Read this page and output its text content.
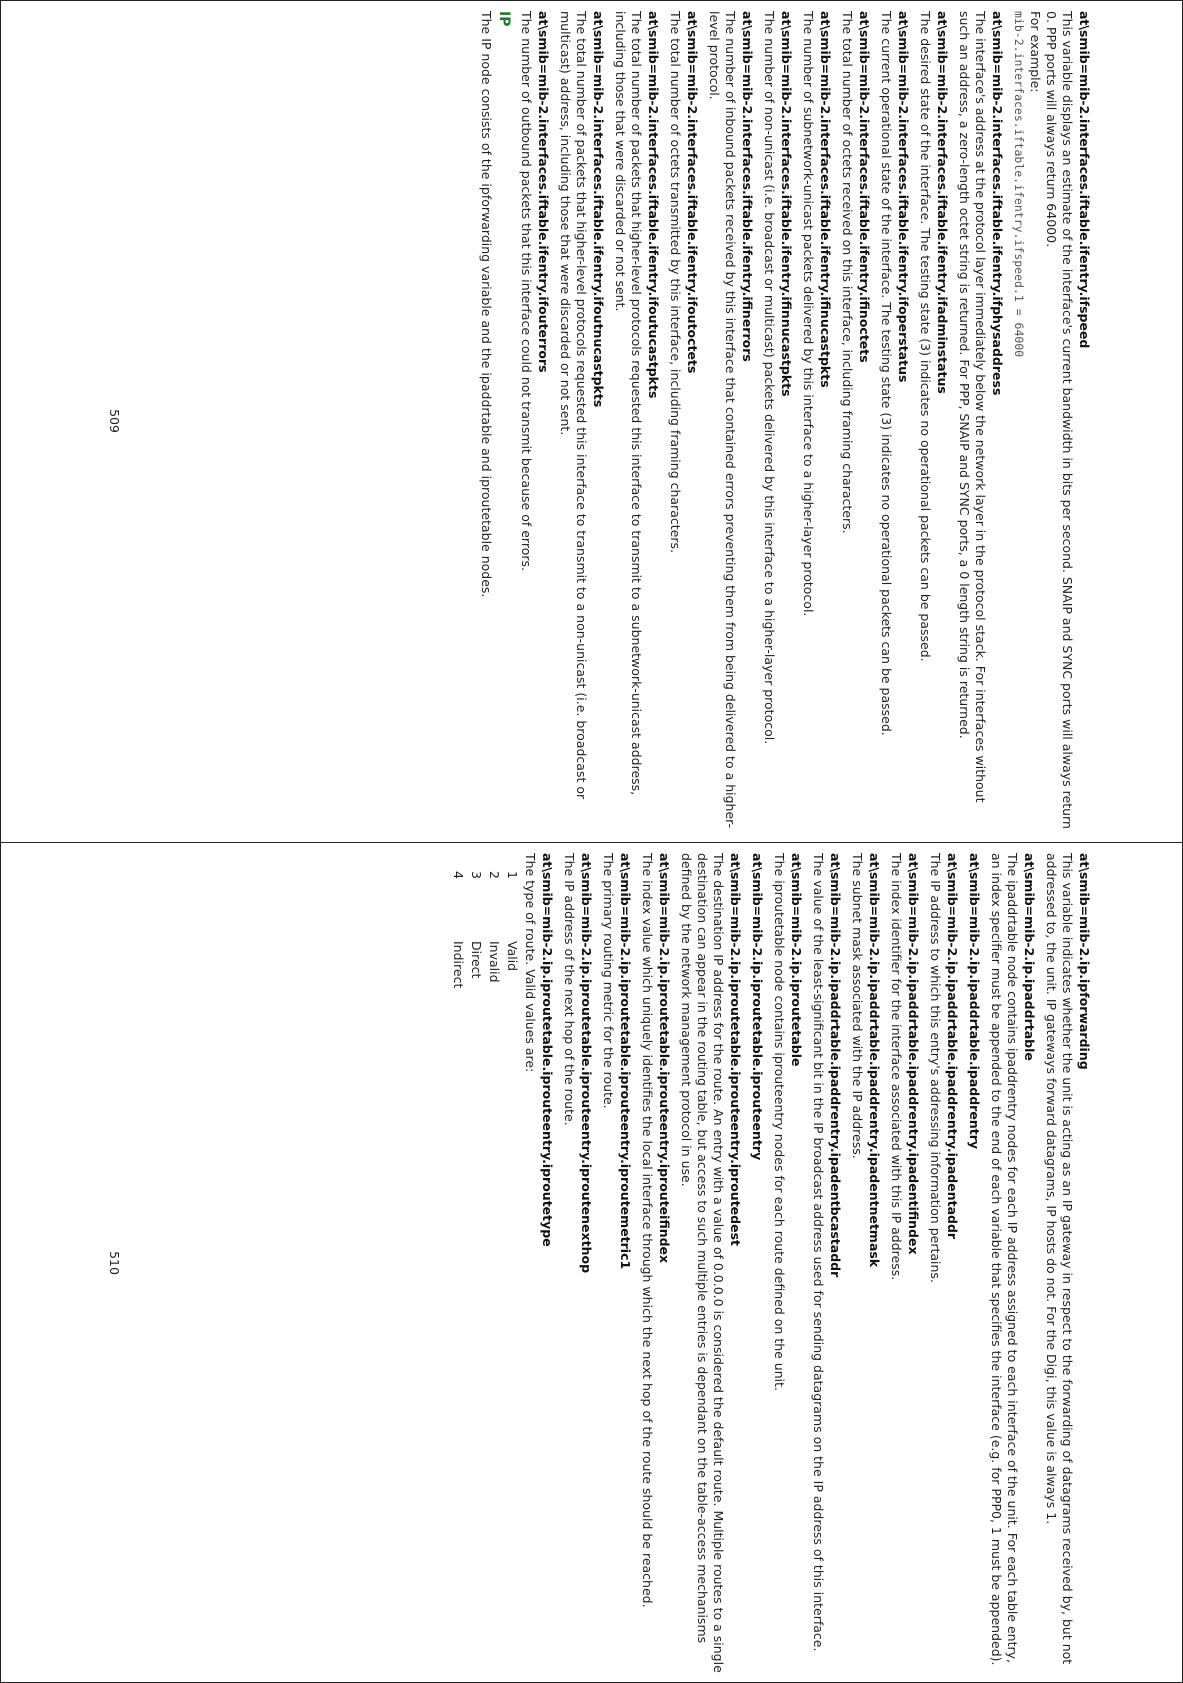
at\smib=mib-2.interfaces.iftable.ifentry.ifspeed
This variable displays an estimate of the interface's current bandwidth in bits per second. SNAIP and SYNC ports will always return 0. PPP ports will always return 64000.
For example:
mib-2.interfaces.iftable.ifentry.ifspeed.1 = 64000
at\smib=mib-2.interfaces.iftable.ifentry.ifphysaddress
The interface's address at the protocol layer immediately below the network layer in the protocol stack. For interfaces without such an address, a zero-length octet string is returned. For PPP, SNAIP and SYNC ports, a 0 length string is returned.
at\smib=mib-2.interfaces.iftable.ifentry.ifadminstatus
The desired state of the interface. The testing state (3) indicates no operational packets can be passed.
at\smib=mib-2.interfaces.iftable.ifentry.ifoperstatus
The current operational state of the interface. The testing state (3) indicates no operational packets can be passed.
at\smib=mib-2.interfaces.iftable.ifentry.ifinoctets
The total number of octets received on this interface, including framing characters.
at\smib=mib-2.interfaces.iftable.ifentry.ifinucastpkts
The number of subnetwork-unicast packets delivered by this interface to a higher-layer protocol.
at\smib=mib-2.interfaces.iftable.ifentry.ifinnucastpkts
The number of non-unicast (i.e. broadcast or multicast) packets delivered by this interface to a higher-layer protocol.
at\smib=mib-2.interfaces.iftable.ifentry.ifinerrors
The number of inbound packets received by this interface that contained errors preventing them from being delivered to a higher-level protocol.
at\smib=mib-2.interfaces.iftable.ifentry.ifoutoctets
The total number of octets transmitted by this interface, including framing characters.
at\smib=mib-2.interfaces.iftable.ifentry.ifoutucastpkts
The total number of packets that higher-level protocols requested this interface to transmit to a subnetwork-unicast address, including those that were discarded or not sent.
at\smib=mib-2.interfaces.iftable.ifentry.ifoutnucastpkts
The total number of packets that higher-level protocols requested this interface to transmit to a non-unicast (i.e. broadcast or multicast) address, including those that were discarded or not sent.
at\smib=mib-2.interfaces.iftable.ifentry.ifouterrors
The number of outbound packets that this interface could not transmit because of errors.
IP
The IP node consists of the ipforwarding variable and the ipaddrtable and iproutetable nodes.
509
at\smib=mib-2.ip.ipforwarding
This variable indicates whether the unit is acting as an IP gateway in respect to the forwarding of datagrams received by, but not addressed to, the unit. IP gateways forward datagrams, IP hosts do not. For the Digi, this value is always 1.
at\smib=mib-2.ip.ipaddrtable
The ipaddrtable node contains ipaddrentry nodes for each IP address assigned to each interface of the unit. For each table entry, an index specifier must be appended to the end of each variable that specifies the interface (e.g. for PPP0, 1 must be appended).
at\smib=mib-2.ip.ipaddrtable.ipaddrentry
at\smib=mib-2.ip.ipaddrtable.ipaddrentry.ipadentaddr
The IP address to which this entry's addressing information pertains.
at\smib=mib-2.ip.ipaddrtable.ipaddrentry.ipadentifindex
The index identifier for the interface associated with this IP address.
at\smib=mib-2.ip.ipaddrtable.ipaddrentry.ipadentnetmask
The subnet mask associated with the IP address.
at\smib=mib-2.ip.ipaddrtable.ipaddrentry.ipadentbcastaddr
The value of the least-significant bit in the IP broadcast address used for sending datagrams on the IP address of this interface.
at\smib=mib-2.ip.iproutetable
The iproutetable node contains iprouteentry nodes for each route defined on the unit.
at\smib=mib-2.ip.iproutetable.iprouteentry
at\smib=mib-2.ip.iproutetable.iprouteentry.iproutedest
The destination IP address for the route. An entry with a value of 0.0.0.0 is considered the default route. Multiple routes to a single destination can appear in the routing table, but access to such multiple entries is dependant on the table-access mechanisms defined by the network management protocol in use.
at\smib=mib-2.ip.iproutetable.iprouteentry.iprouteifindex
The index value which uniquely identifies the local interface through which the next hop of the route should be reached.
at\smib=mib-2.ip.iproutetable.iprouteentry.iproutemetric1
The primary routing metric for the route.
at\smib=mib-2.ip.iproutetable.iprouteentry.iproutenexthop
The IP address of the next hop of the route.
at\smib=mib-2.ip.iproutetable.iprouteentry.iproutetype
The type of route. Valid values are:
1
Valid
2
Invalid
3
Direct
4
Indirect
510
